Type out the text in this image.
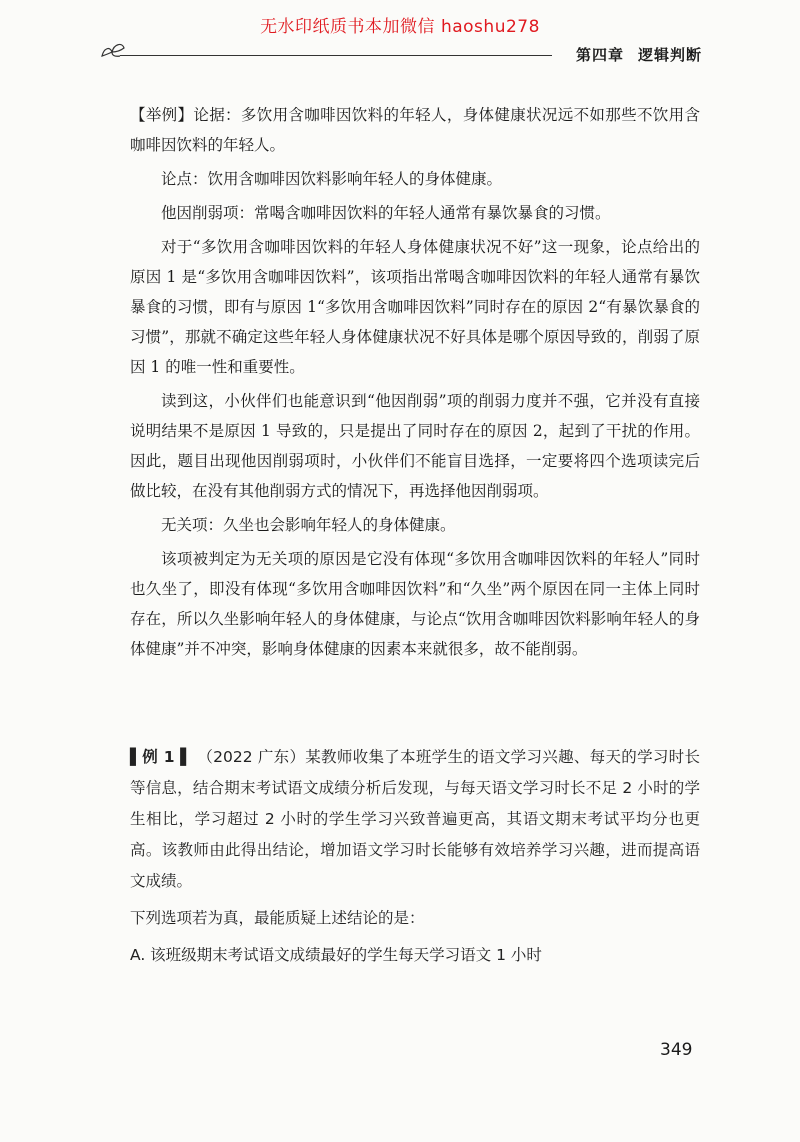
无水印纸质书本加微信 haoshu278
第四章 逻辑判断

【举例】论据：多饮用含咖啡因饮料的年轻人，身体健康状况远不如那些不饮用含咖啡因饮料的年轻人。

论点：饮用含咖啡因饮料影响年轻人的身体健康。

他因削弱项：常喝含咖啡因饮料的年轻人通常有暴饮暴食的习惯。

对于“多饮用含咖啡因饮料的年轻人身体健康状况不好”这一现象，论点给出的原因 1 是“多饮用含咖啡因饮料”，该项指出常喝含咖啡因饮料的年轻人通常有暴饮暴食的习惯，即有与原因 1“多饮用含咖啡因饮料”同时存在的原因 2“有暴饮暴食的习惯”，那就不确定这些年轻人身体健康状况不好具体是哪个原因导致的，削弱了原因 1 的唯一性和重要性。

读到这，小伙伴们也能意识到“他因削弱”项的削弱力度并不强，它并没有直接说明结果不是原因 1 导致的，只是提出了同时存在的原因 2，起到了干扰的作用。因此，题目出现他因削弱项时，小伙伴们不能盲目选择，一定要将四个选项读完后做比较，在没有其他削弱方式的情况下，再选择他因削弱项。

无关项：久坐也会影响年轻人的身体健康。

该项被判定为无关项的原因是它没有体现“多饮用含咖啡因饮料的年轻人”同时也久坐了，即没有体现“多饮用含咖啡因饮料”和“久坐”两个原因在同一主体上同时存在，所以久坐影响年轻人的身体健康，与论点“饮用含咖啡因饮料影响年轻人的身体健康”并不冲突，影响身体健康的因素本来就很多，故不能削弱。

▌例 1 ▌ （2022 广东）某教师收集了本班学生的语文学习兴趣、每天的学习时长等信息，结合期末考试语文成绩分析后发现，与每天语文学习时长不足 2 小时的学生相比，学习超过 2 小时的学生学习兴致普遍更高，其语文期末考试平均分也更高。该教师由此得出结论，增加语文学习时长能够有效培养学习兴趣，进而提高语文成绩。

下列选项若为真，最能质疑上述结论的是：

A. 该班级期末考试语文成绩最好的学生每天学习语文 1 小时

349
